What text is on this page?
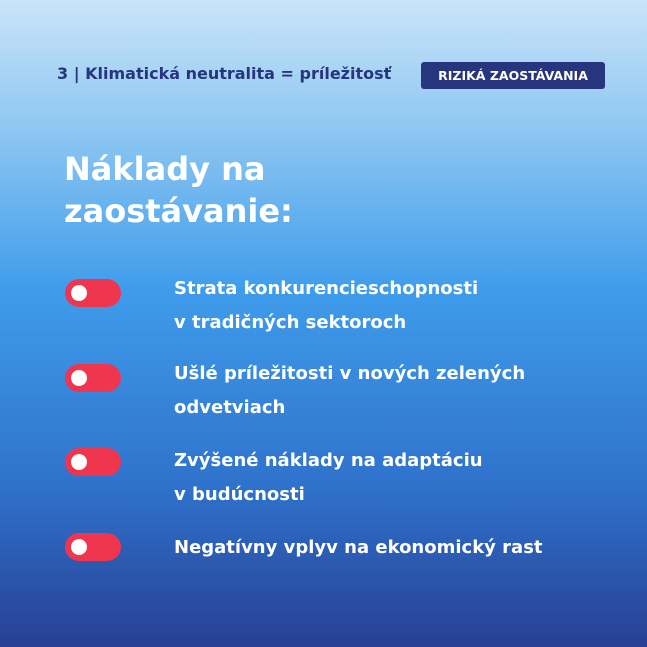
3 | Klimatická neutralita = príležitosť	RIZIKÁ ZAOSTÁVANIA
Náklady na
zaostávanie:
Strata konkurencieschopnosti
v tradičných sektoroch
Ušlé príležitosti v nových zelených
odvetviach
Zvýšené náklady na adaptáciu
v budúcnosti
Negatívny vplyv na ekonomický rast
